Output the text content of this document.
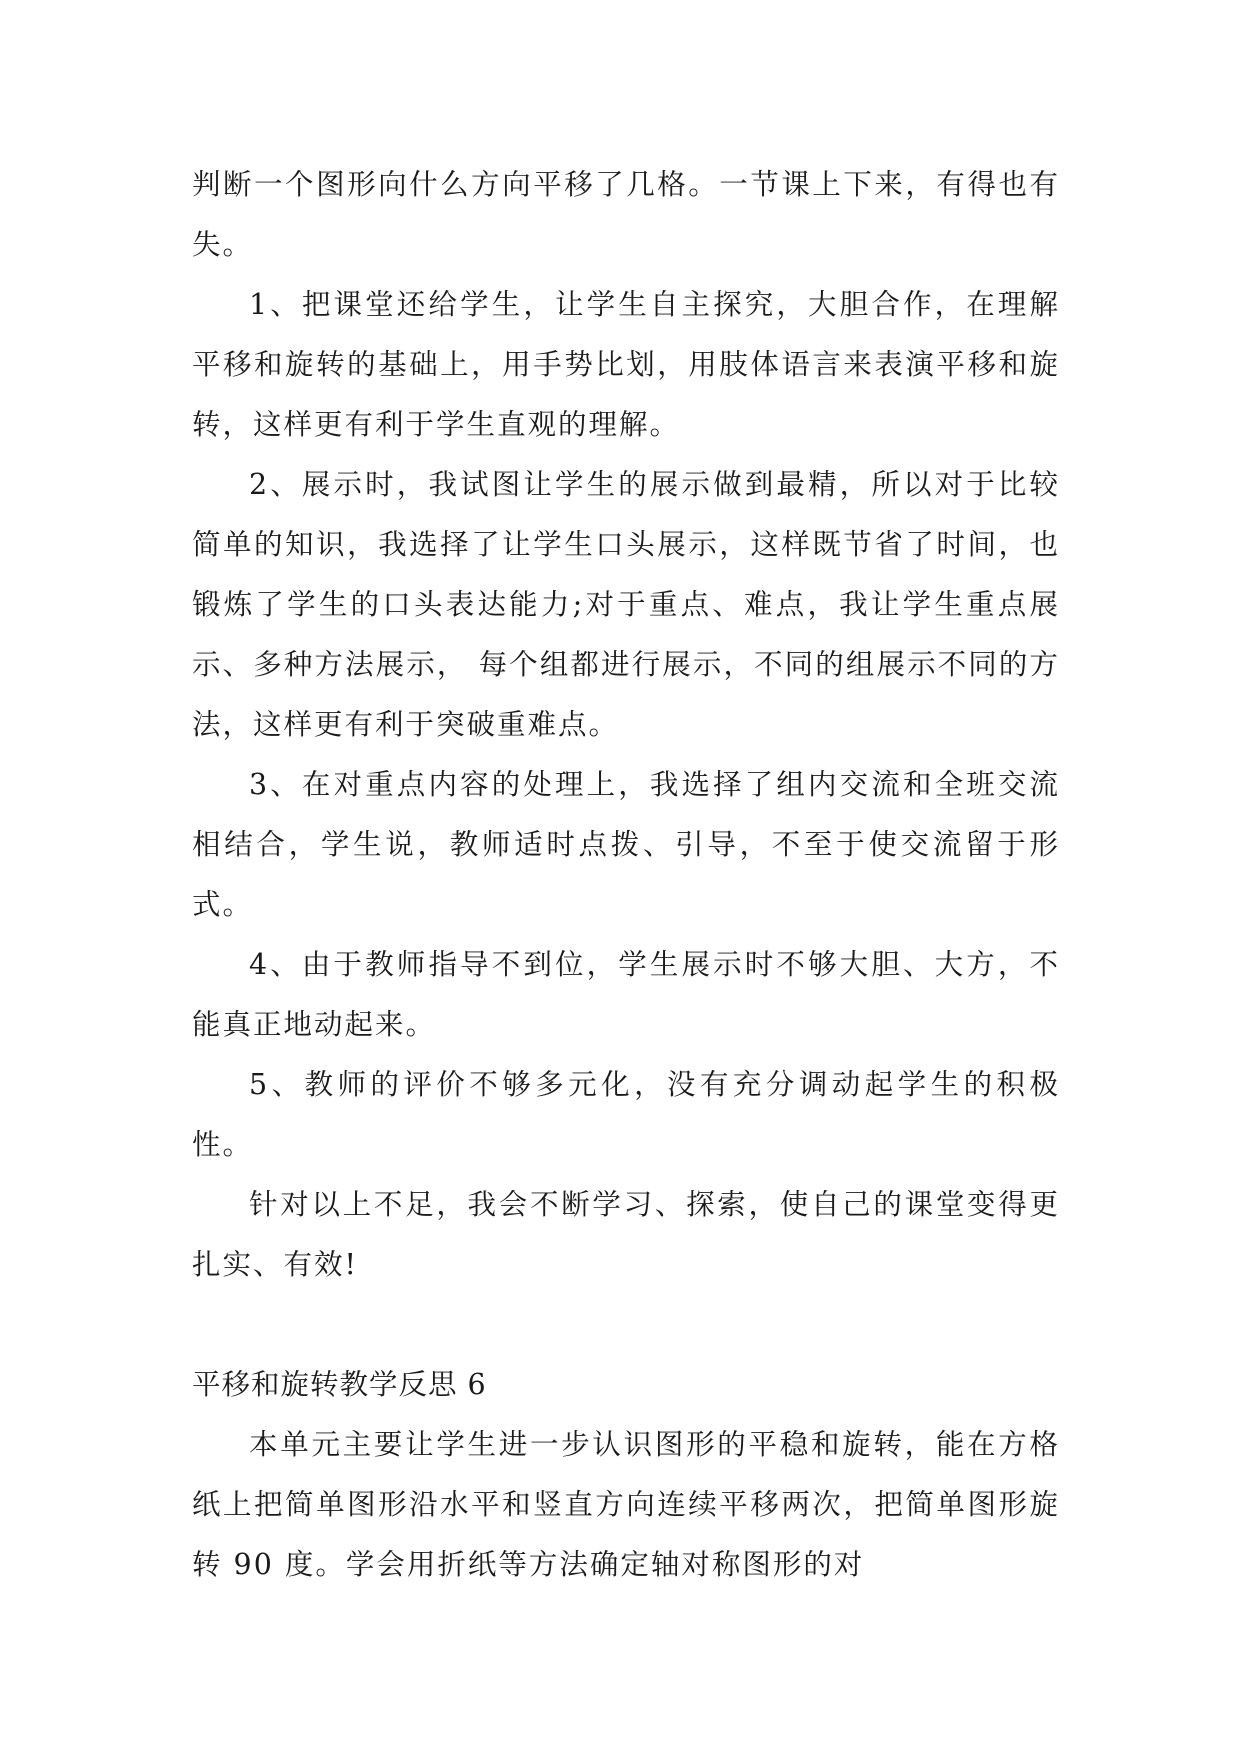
判断一个图形向什么方向平移了几格。一节课上下来，有得也有失。

1、把课堂还给学生，让学生自主探究，大胆合作，在理解平移和旋转的基础上，用手势比划，用肢体语言来表演平移和旋转，这样更有利于学生直观的理解。

2、展示时，我试图让学生的展示做到最精，所以对于比较简单的知识，我选择了让学生口头展示，这样既节省了时间，也锻炼了学生的口头表达能力;对于重点、难点，我让学生重点展示、多种方法展示， 每个组都进行展示，不同的组展示不同的方法，这样更有利于突破重难点。

3、在对重点内容的处理上，我选择了组内交流和全班交流相结合，学生说，教师适时点拨、引导，不至于使交流留于形式。

4、由于教师指导不到位，学生展示时不够大胆、大方，不能真正地动起来。

5、教师的评价不够多元化，没有充分调动起学生的积极性。

针对以上不足，我会不断学习、探索，使自己的课堂变得更扎实、有效!

平移和旋转教学反思 6

本单元主要让学生进一步认识图形的平稳和旋转，能在方格纸上把简单图形沿水平和竖直方向连续平移两次，把简单图形旋转 90 度。学会用折纸等方法确定轴对称图形的对
